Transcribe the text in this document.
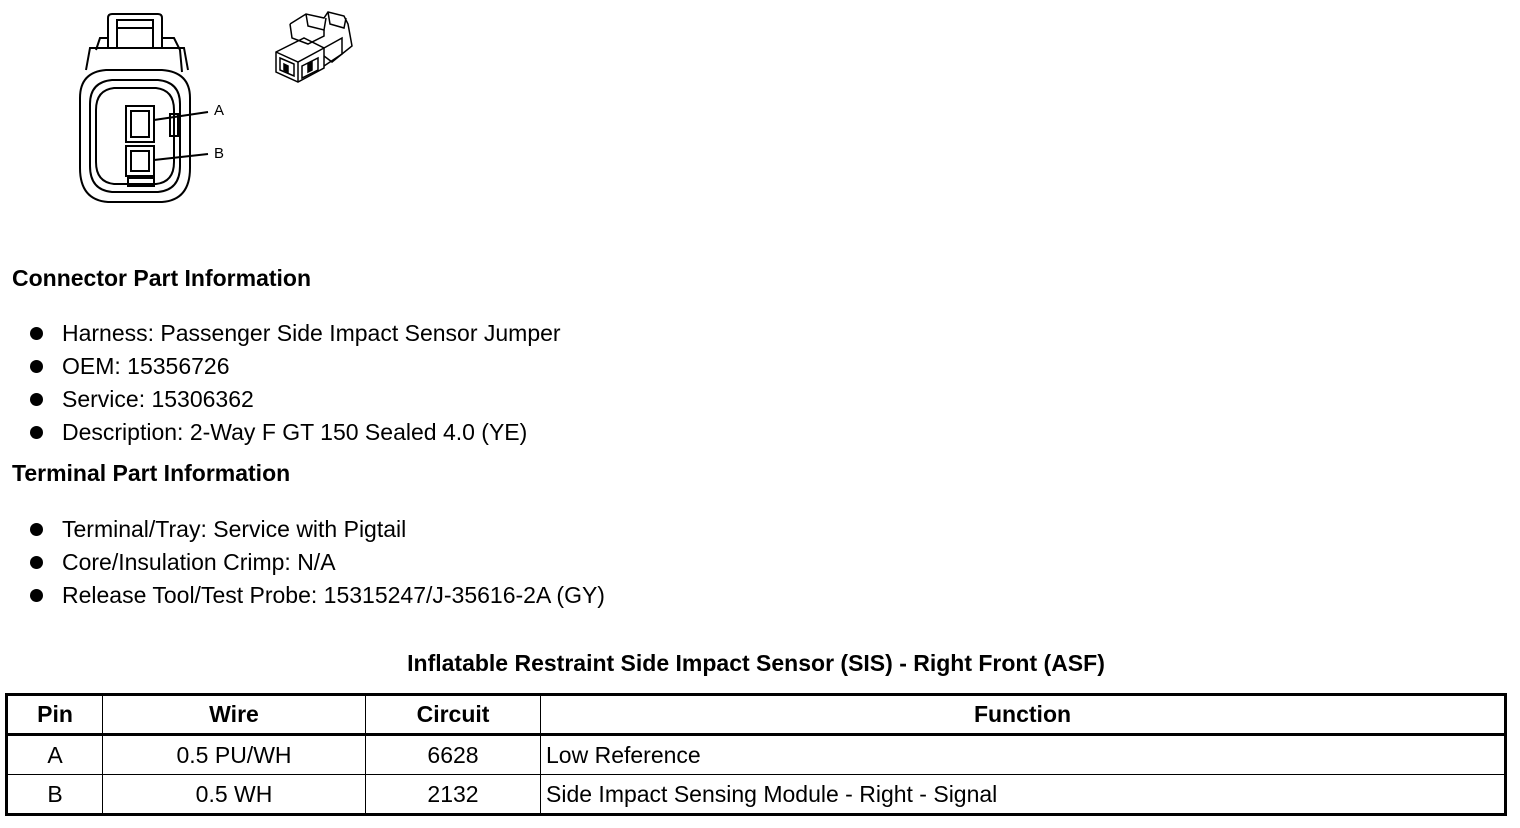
A
B
Connector Part Information
Harness: Passenger Side Impact Sensor Jumper
OEM: 15356726
Service: 15306362
Description: 2-Way F GT 150 Sealed 4.0 (YE)
Terminal Part Information
Terminal/Tray: Service with Pigtail
Core/Insulation Crimp: N/A
Release Tool/Test Probe: 15315247/J-35616-2A (GY)
Inflatable Restraint Side Impact Sensor (SIS) - Right Front (ASF)
Pin	Wire	Circuit	Function
A	0.5 PU/WH	6628	Low Reference
B	0.5 WH	2132	Side Impact Sensing Module - Right - Signal
